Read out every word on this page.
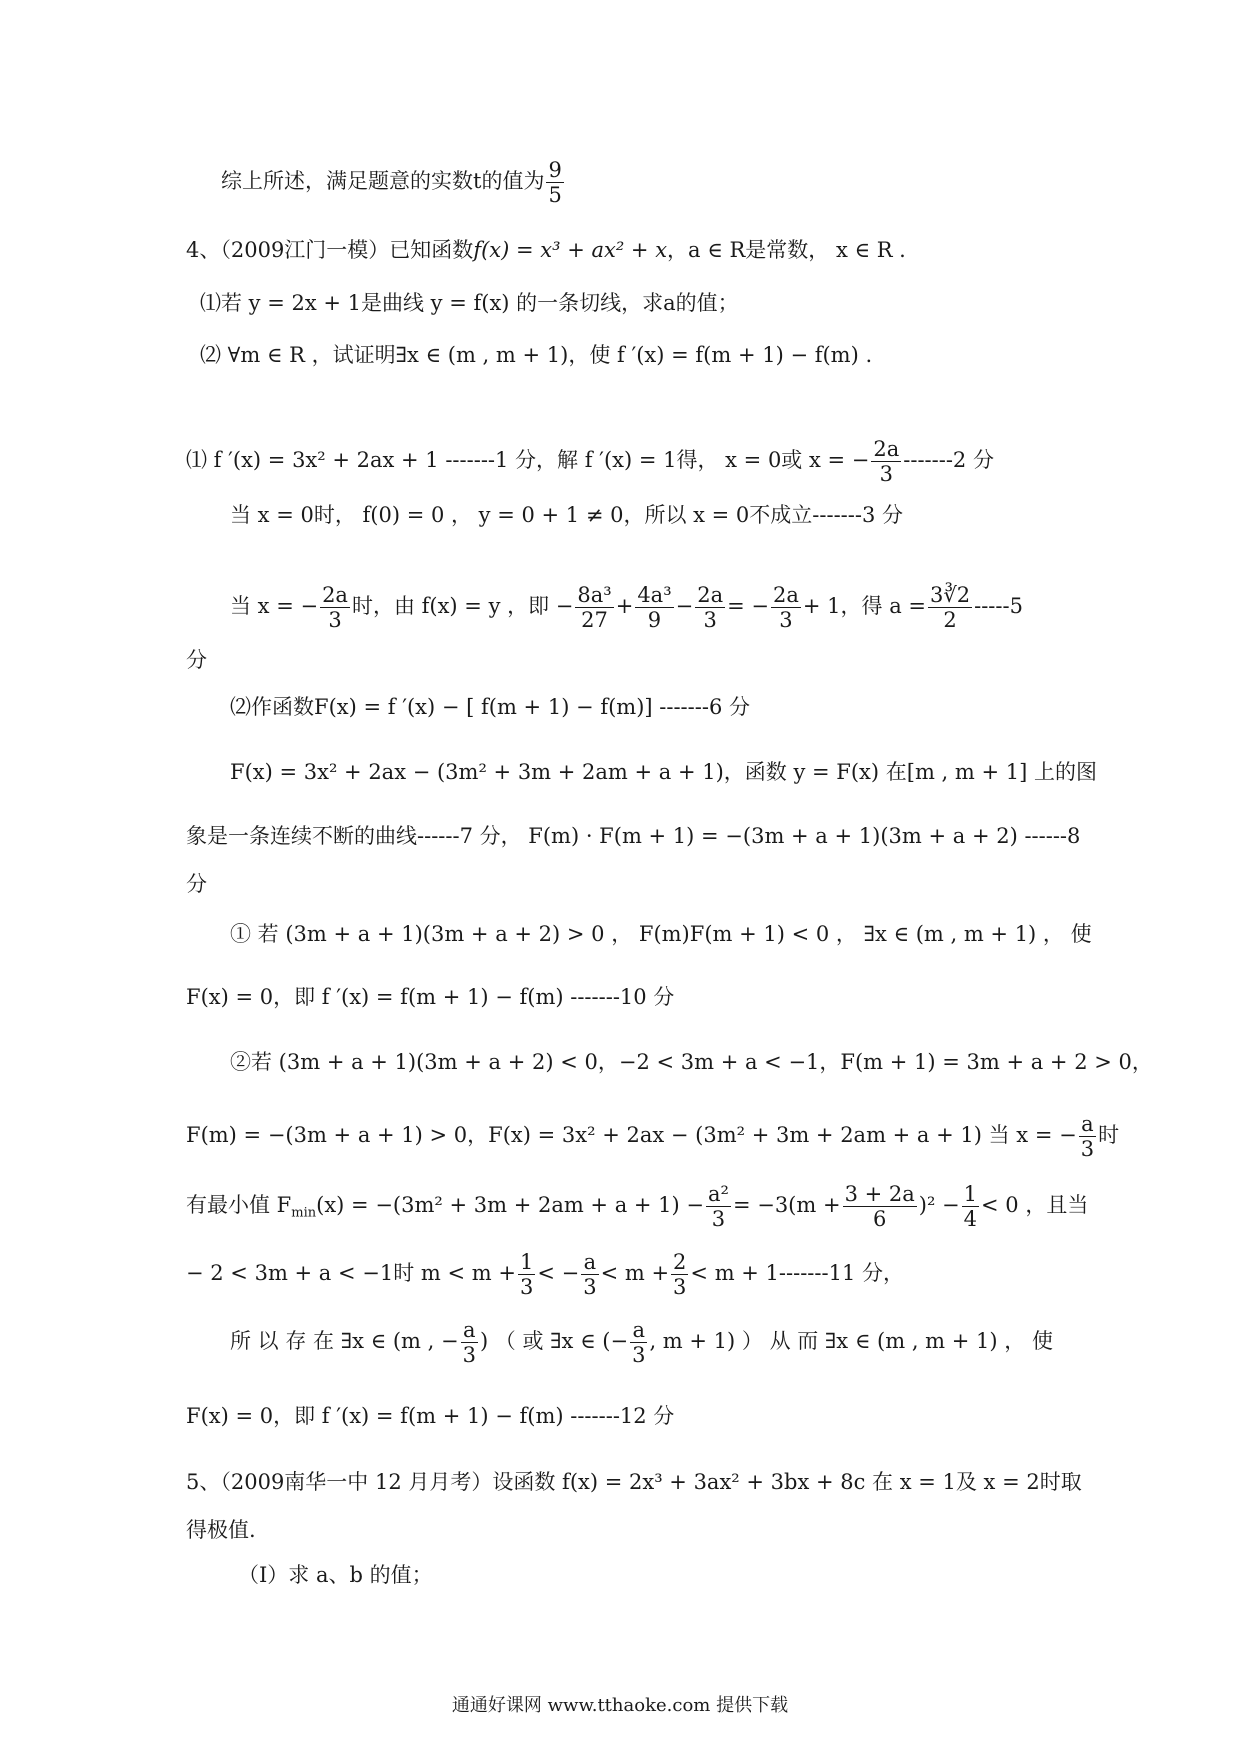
综上所述，满足题意的实数t的值为 $\frac{9}{5}$
4、（2009江门一模）已知函数f(x) = x³ + ax² + x，a ∈ R是常数， x ∈ R .
⑴若 y = 2x + 1是曲线 y = f(x) 的一条切线，求a的值；
⑵ ∀m ∈ R ，试证明∃x ∈ (m , m + 1)，使 f ′(x) = f(m + 1) − f(m) .
⑴ f ′(x) = 3x² + 2ax + 1 -------1 分，解 f ′(x) = 1得， x = 0或 x = − $\frac{2a}{3} -------2$ 分
当 x = 0时， f(0) = 0 ， y = 0 + 1 ≠ 0，所以 x = 0不成立-------3 分
当 x = − $\frac{2a}{3}$ 时，由 f(x) = y ，即 − $\frac{\text{8a³}}{27} + \frac{\text{4a³}}{9} - \frac{2a}{3}$ = − $\frac{2a}{3} + 1$，得 $a = \frac{3∛2}{2} -----5$
分
⑵作函数F(x) = f ′(x) − [ f(m + 1) − f(m)] -------6 分
F(x) = 3x² + 2ax − (3m² + 3m + 2am + a + 1)，函数 y = F(x) 在[m , m + 1] 上的图
象是一条连续不断的曲线------7 分， F(m) · F(m + 1) = −(3m + a + 1)(3m + a + 2) ------8
分
① 若 (3m + a + 1)(3m + a + 2) > 0 ， F(m)F(m + 1) < 0 ， ∃x ∈ (m , m + 1) ， 使
F(x) = 0，即 f ′(x) = f(m + 1) − f(m) -------10 分
②若 (3m + a + 1)(3m + a + 2) < 0，−2 < 3m + a < −1，F(m + 1) = 3m + a + 2 > 0，
F(m) = −(3m + a + 1) > 0，F(x) = 3x² + 2ax − (3m² + 3m + 2am + a + 1) 当 x = − $\frac{a}{3}$ 时
有最小值 $F_{min}(x) = -(3m^2 + 3m + 2am + a + 1) - \frac{\text{a²}}{3} = -3(m + \frac{3 + 2a}{6} )^2 - \frac{1}{4} < 0$ ，且当
− 2 < 3m + a < −1时 $m < m + \frac{1}{3}$ < − $\frac{a}{3} < m + \frac{2}{3} < m + 1-------11$ 分，
所 以 存 在 ∃x ∈ (m , − $\frac{a}{3}$ ) （ 或 ∃x ∈ (− $\frac{a}{3}$ , m + 1) ） 从 而 ∃x ∈ (m , m + 1) ， 使
F(x) = 0，即 f ′(x) = f(m + 1) − f(m) -------12 分
5、（2009南华一中 12 月月考）设函数 f(x) = 2x³ + 3ax² + 3bx + 8c 在 x = 1及 x = 2时取
得极值.
（Ⅰ）求 a、b 的值；
通通好课网 www.tthaoke.com 提供下载
